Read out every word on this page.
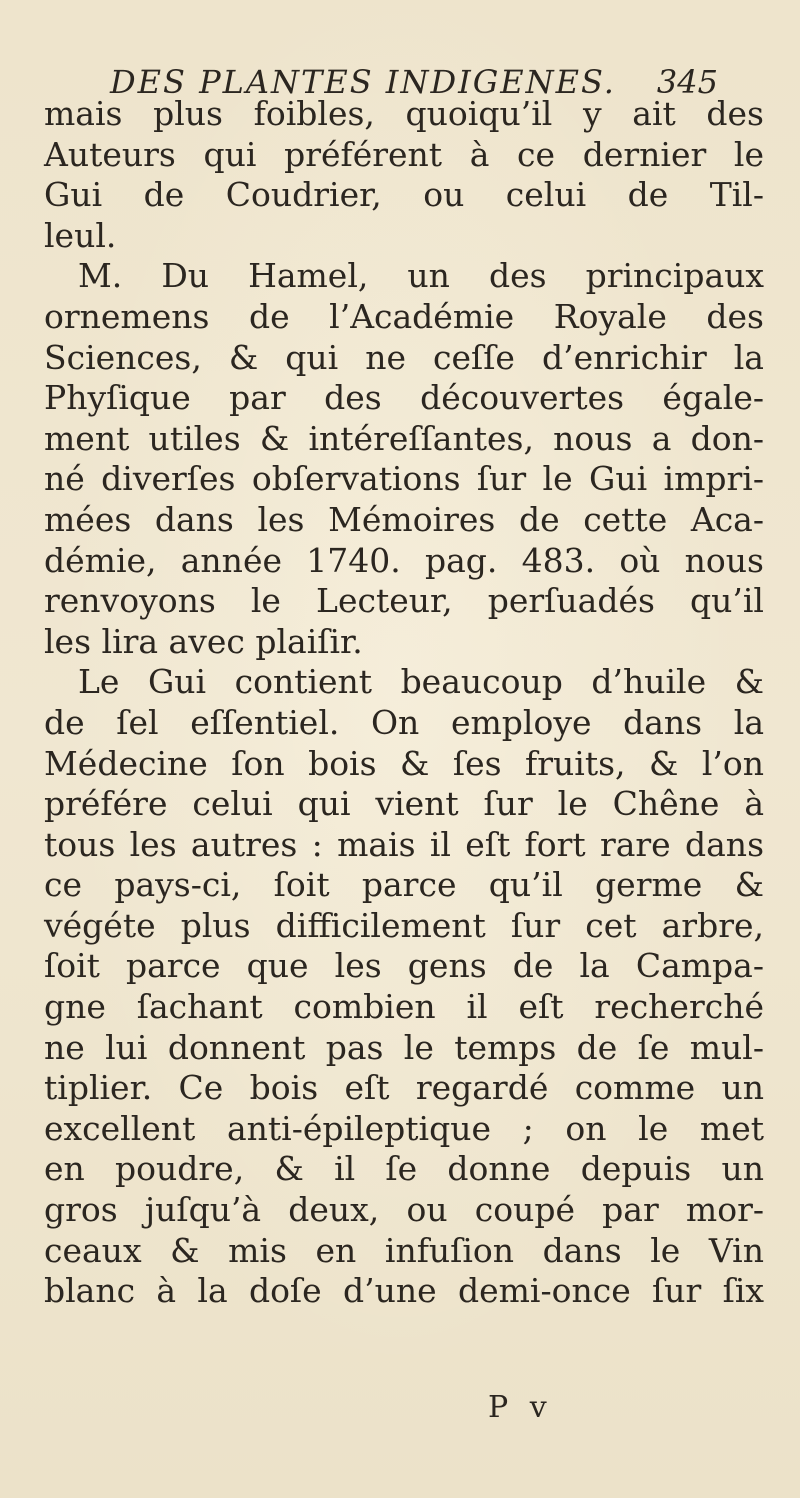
DES PLANTES INDIGENES. 345
mais plus foibles, quoiqu’il y ait des
Auteurs qui préférent à ce dernier le
Gui de Coudrier, ou celui de Til-
leul.
M. Du Hamel, un des principaux
ornemens de l’Académie Royale des
Sciences, & qui ne ceſſe d’enrichir la
Phyſique par des découvertes égale-
ment utiles & intéreſſantes, nous a don-
né diverſes obſervations ſur le Gui impri-
mées dans les Mémoires de cette Aca-
démie, année 1740. pag. 483. où nous
renvoyons le Lecteur, perſuadés qu’il
les lira avec plaiſir.
Le Gui contient beaucoup d’huile &
de ſel eſſentiel. On employe dans la
Médecine ſon bois & ſes fruits, & l’on
préfére celui qui vient ſur le Chêne à
tous les autres : mais il eſt fort rare dans
ce pays-ci, ſoit parce qu’il germe &
végéte plus difficilement ſur cet arbre,
ſoit parce que les gens de la Campa-
gne ſachant combien il eſt recherché
ne lui donnent pas le temps de ſe mul-
tiplier. Ce bois eſt regardé comme un
excellent anti-épileptique ; on le met
en poudre, & il ſe donne depuis un
gros juſqu’à deux, ou coupé par mor-
ceaux & mis en infuſion dans le Vin
blanc à la doſe d’une demi-once ſur ſix
P v
